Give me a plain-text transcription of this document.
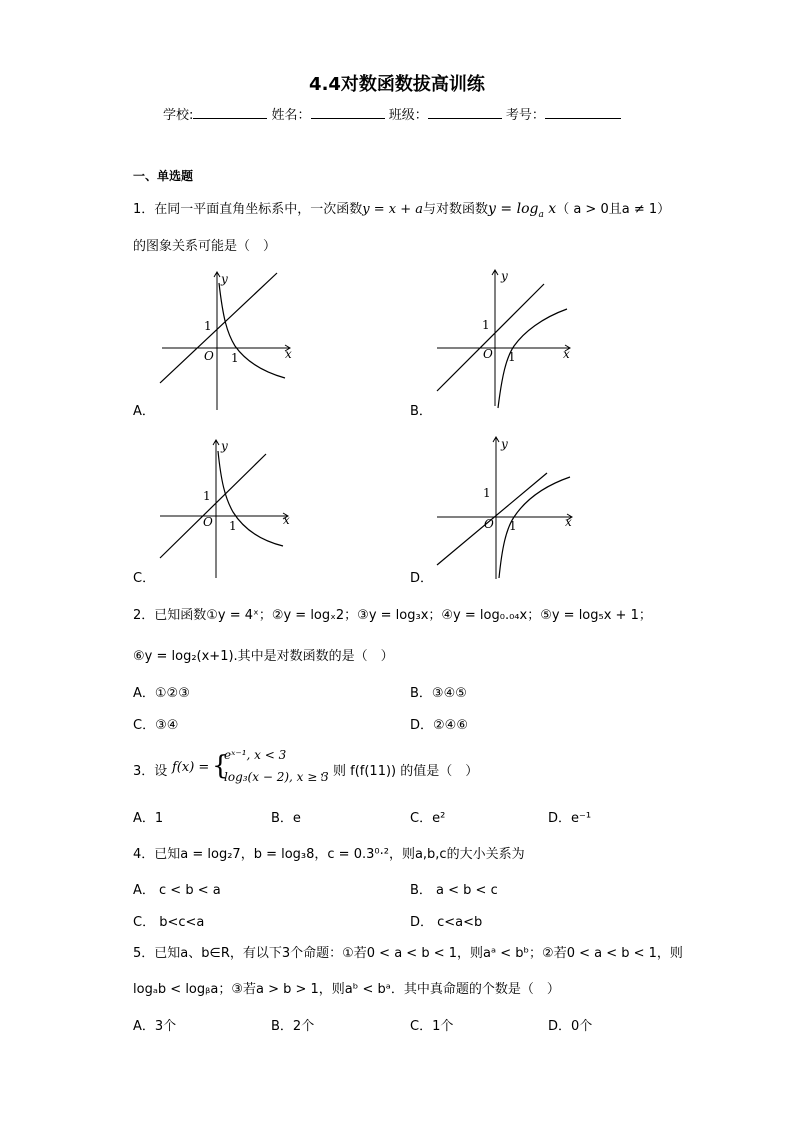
4.4对数函数拔高训练
学校:	姓名：	班级：	考号：
一、单选题
1．在同一平面直角坐标系中，一次函数y = x + a与对数函数$y = \log_a x$（ a > 0且a ≠ 1）
的图象关系可能是（　）
y
x
O
1
1
A．
y
x
O
1
1
B．
y
x
O
1
1
C．
y
x
O
1
1
D．
2．已知函数①y = 4ˣ；②y = logₓ2；③y = log₃x；④y = log₀.₀₄x；⑤y = log₅x + 1；
⑥y = log₂(x+1).其中是对数函数的是（　）
A．①②③	B．③④⑤
C．③④	D．②④⑥
3．设 f(x) = {
eˣ⁻¹, x < 3
log₃(x − 2), x ≥ 3
，则 f(f(11)) 的值是（　）
A．1	B．e	C．e²	D．e⁻¹
4．已知a = log₂7，b = log₃8，c = 0.3⁰·²，则a,b,c的大小关系为
A． c < b < a	B． a < b < c
C． b<c<a	D． c<a<b
5．已知a、b∈R，有以下3个命题：①若0 < a < b < 1，则aᵃ < bᵇ；②若0 < a < b < 1，则
logₐb < logᵦa；③若a > b > 1，则aᵇ < bᵃ．其中真命题的个数是（　）
A．3个	B．2个	C．1个	D．0个
